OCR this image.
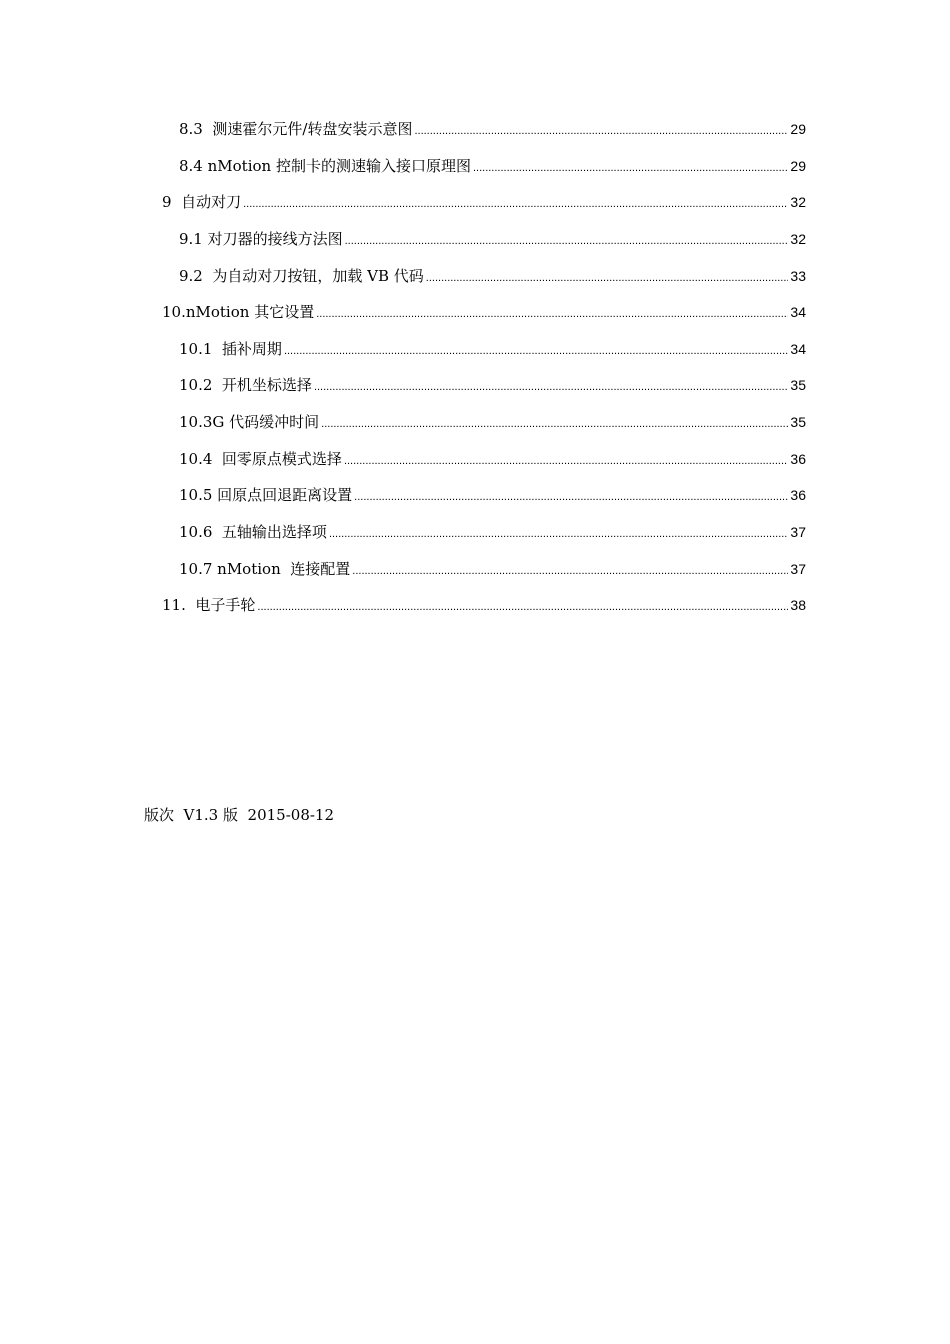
8.3  测速霍尔元件/转盘安装示意图 .....	29
8.4 nMotion 控制卡的测速输入接口原理图 .....	29
9  自动对刀 .....	32
9.1 对刀器的接线方法图 .....	32
9.2  为自动对刀按钮，加载 VB 代码 .....	33
10.nMotion 其它设置 .....	34
10.1  插补周期 .....	34
10.2  开机坐标选择 .....	35
10.3G 代码缓冲时间 .....	35
10.4  回零原点模式选择 .....	36
10.5 回原点回退距离设置 .....	36
10.6  五轴输出选择项 .....	37
10.7 nMotion  连接配置 .....	37
11.  电子手轮 .....	38
版次  V1.3 版  2015-08-12
